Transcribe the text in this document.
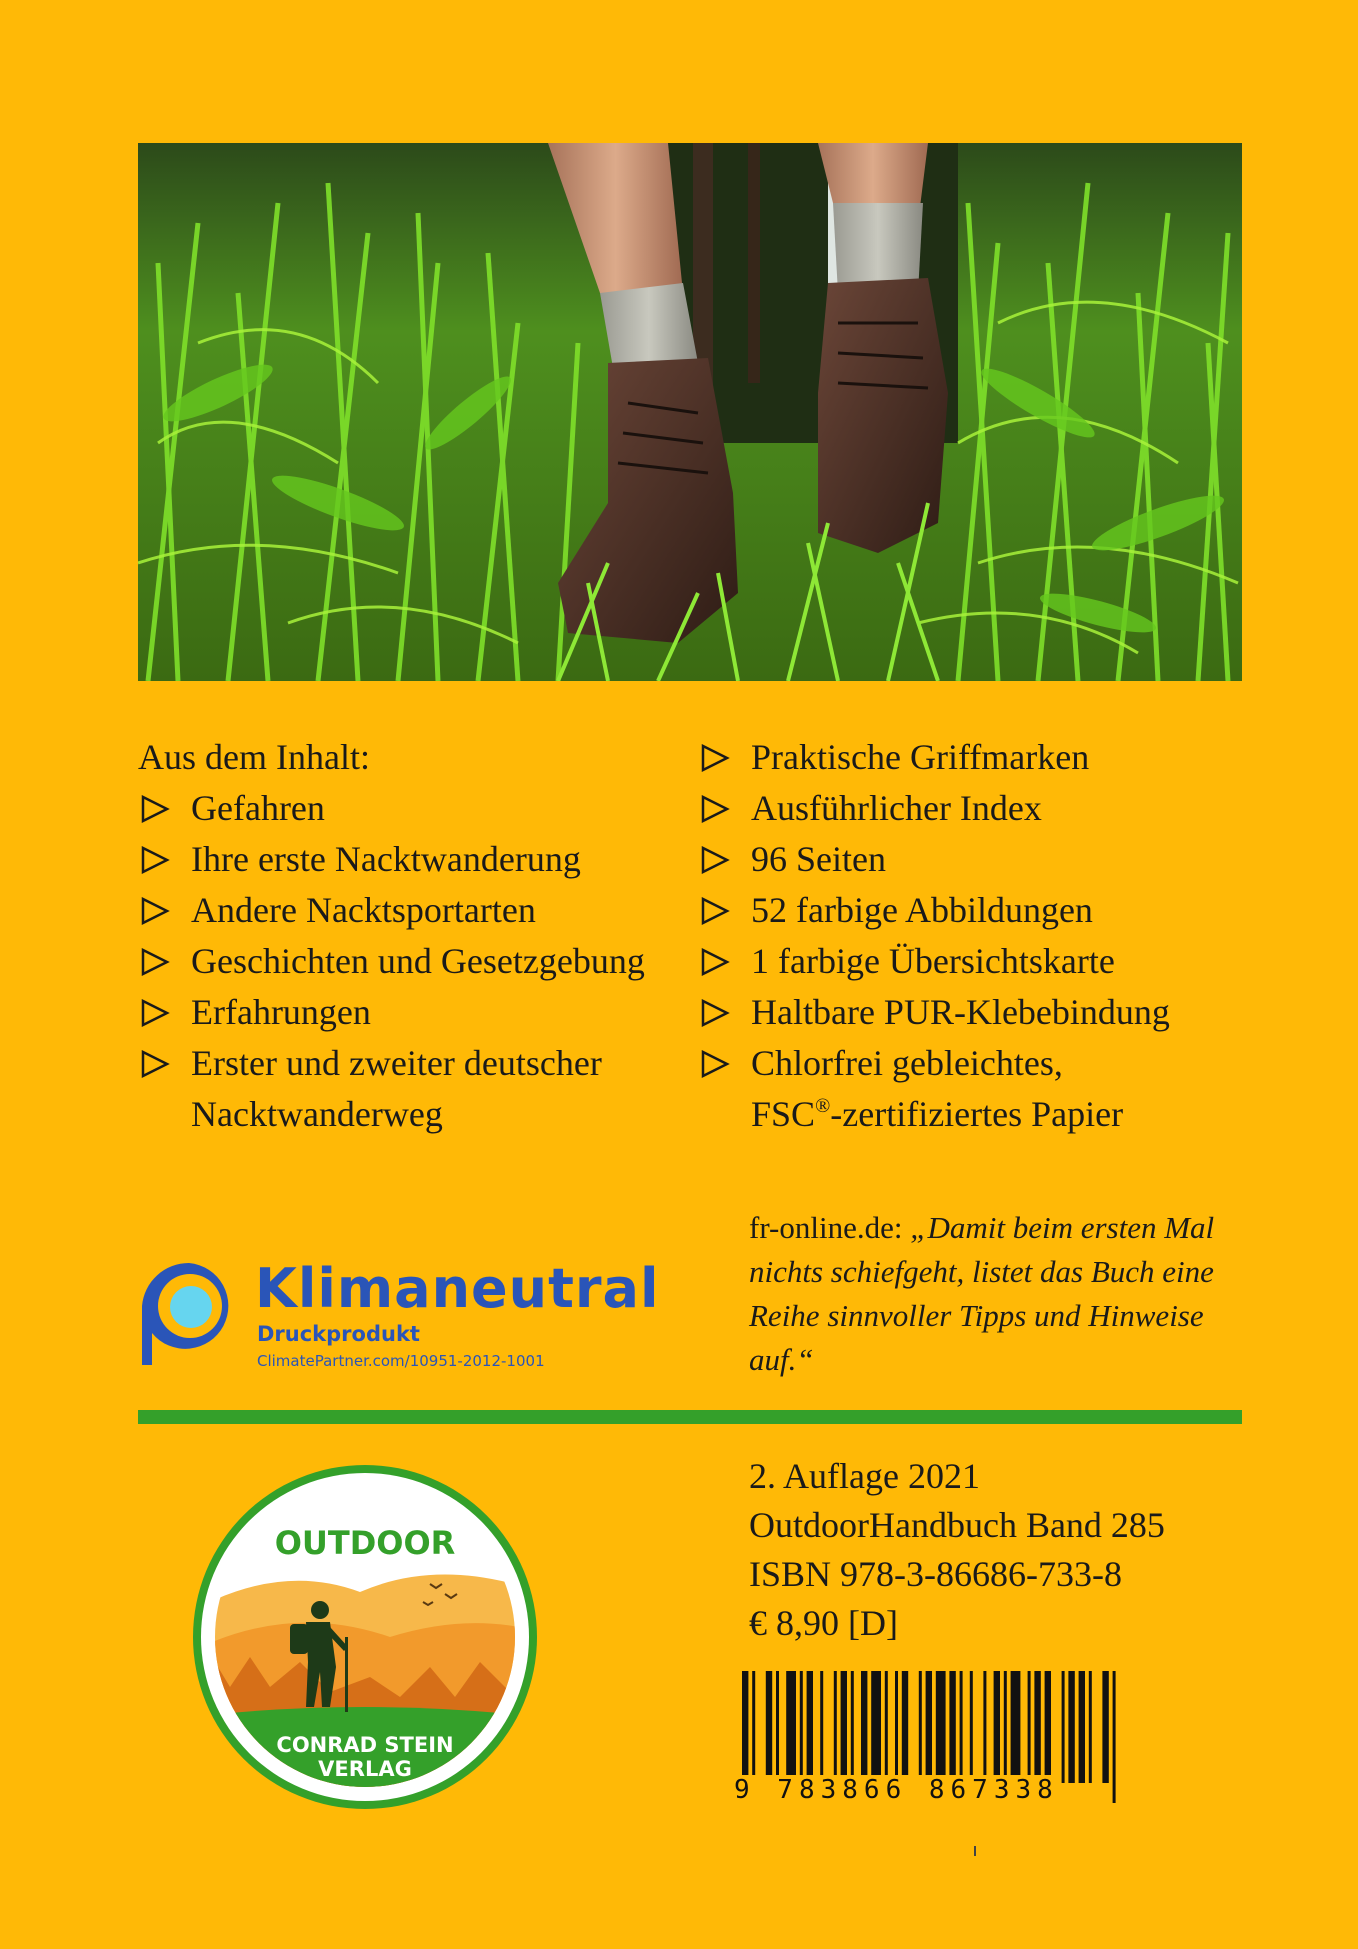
Aus dem Inhalt:
Gefahren
Ihre erste Nacktwanderung
Andere Nacktsportarten
Geschichten und Gesetzgebung
Erfahrungen
Erster und zweiter deutscher Nacktwanderweg
Praktische Griffmarken
Ausführlicher Index
96 Seiten
52 farbige Abbildungen
1 farbige Übersichtskarte
Haltbare PUR-Klebebindung
Chlorfrei gebleichtes,
FSC®-zertifiziertes Papier
fr-online.de: „Damit beim ersten Mal nichts schiefgeht, listet das Buch eine Reihe sinnvoller Tipps und Hinweise auf.“
Klimaneutral
Druckprodukt
ClimatePartner.com/10951-2012-1001
OUTDOOR
CONRAD STEIN
VERLAG
2. Auflage 2021
OutdoorHandbuch Band 285
ISBN 978-3-86686-733-8
€ 8,90 [D]
9 783866 867338
